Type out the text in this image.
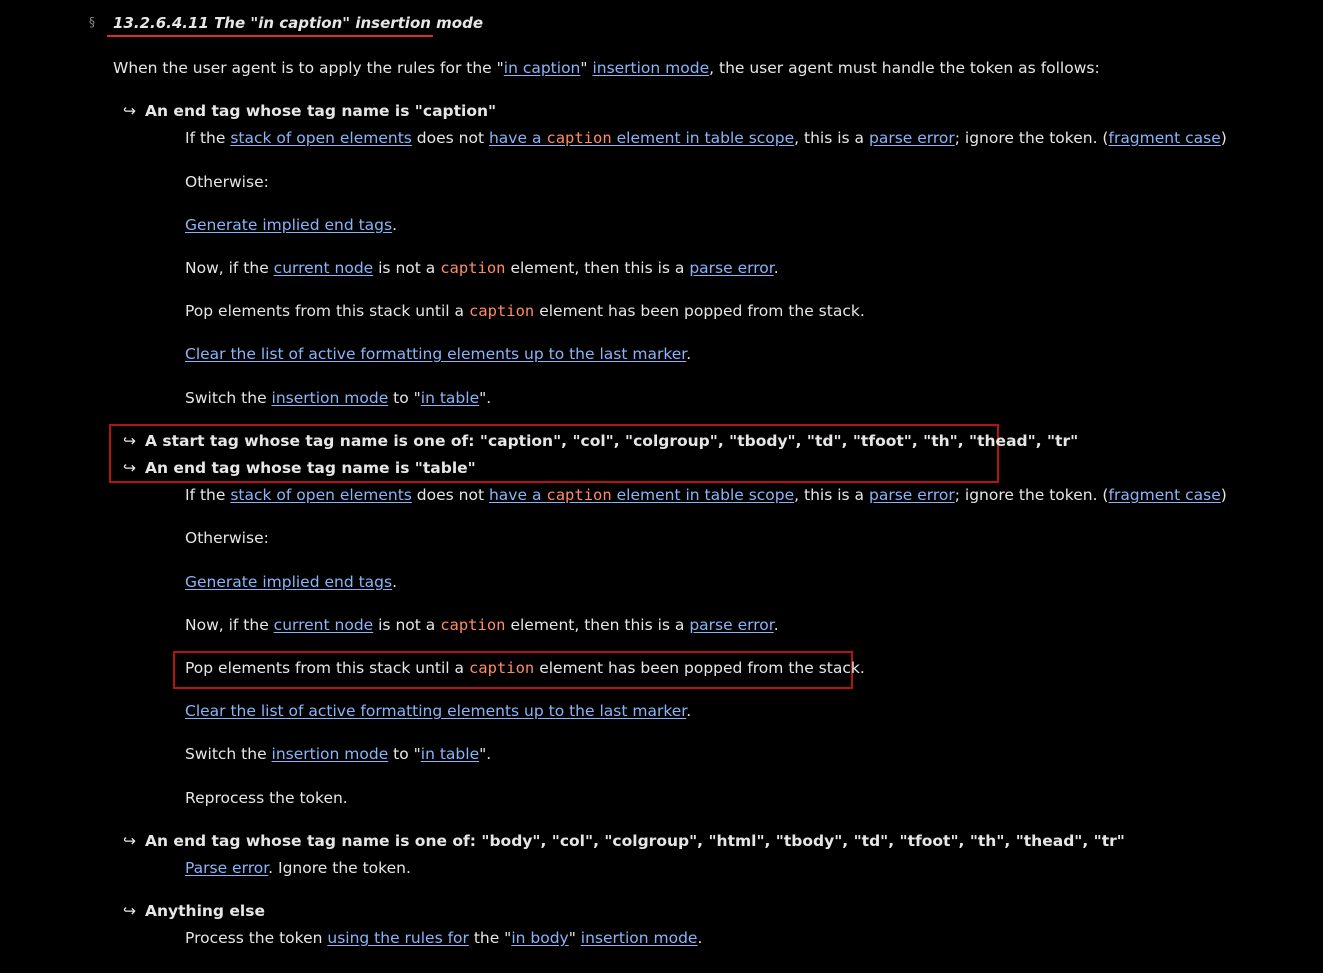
§ 13.2.6.4.11 The "in caption" insertion mode
When the user agent is to apply the rules for the "in caption" insertion mode, the user agent must handle the token as follows:
↪ An end tag whose tag name is "caption"
If the stack of open elements does not have a caption element in table scope, this is a parse error; ignore the token. (fragment case)
Otherwise:
Generate implied end tags.
Now, if the current node is not a caption element, then this is a parse error.
Pop elements from this stack until a caption element has been popped from the stack.
Clear the list of active formatting elements up to the last marker.
Switch the insertion mode to "in table".
↪ A start tag whose tag name is one of: "caption", "col", "colgroup", "tbody", "td", "tfoot", "th", "thead", "tr"
↪ An end tag whose tag name is "table"
If the stack of open elements does not have a caption element in table scope, this is a parse error; ignore the token. (fragment case)
Otherwise:
Generate implied end tags.
Now, if the current node is not a caption element, then this is a parse error.
Pop elements from this stack until a caption element has been popped from the stack.
Clear the list of active formatting elements up to the last marker.
Switch the insertion mode to "in table".
Reprocess the token.
↪ An end tag whose tag name is one of: "body", "col", "colgroup", "html", "tbody", "td", "tfoot", "th", "thead", "tr"
Parse error. Ignore the token.
↪ Anything else
Process the token using the rules for the "in body" insertion mode.
